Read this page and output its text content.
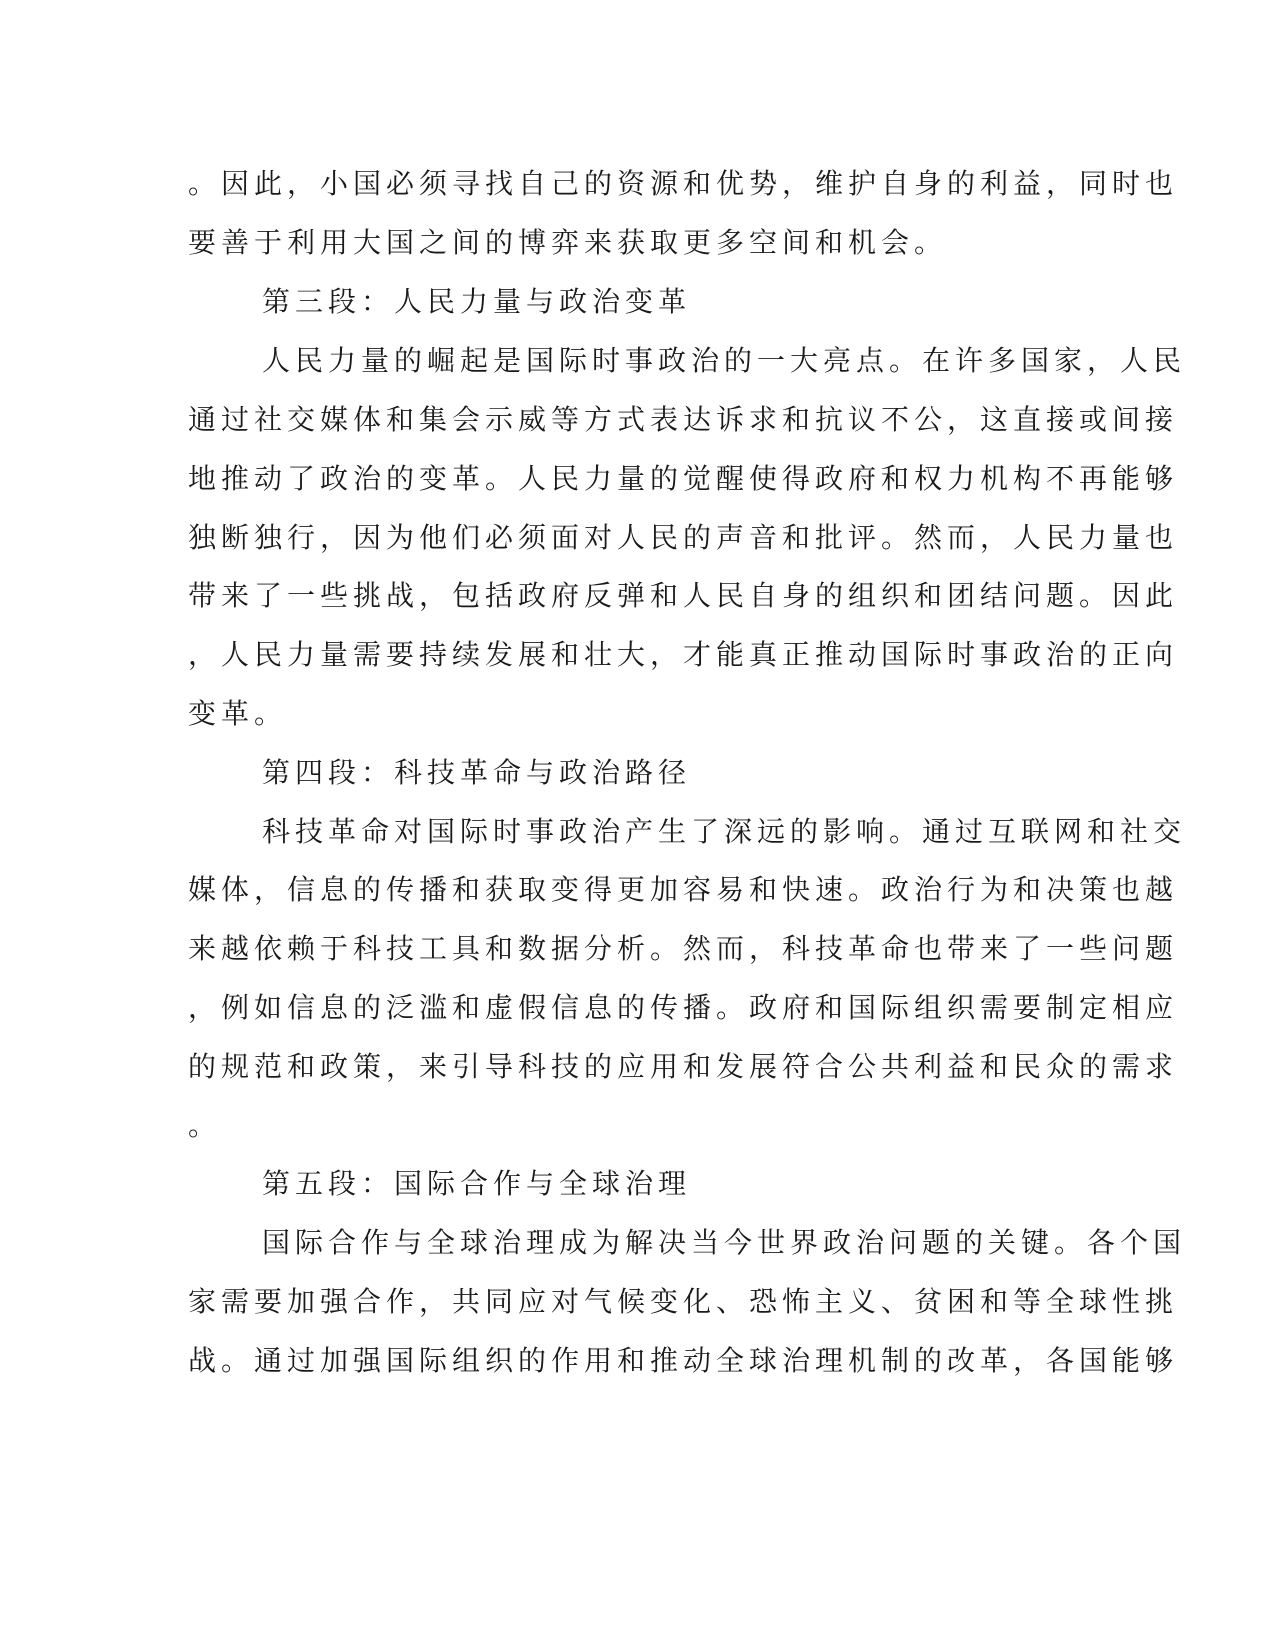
。因此，小国必须寻找自己的资源和优势，维护自身的利益，同时也
要善于利用大国之间的博弈来获取更多空间和机会。
第三段：人民力量与政治变革
人民力量的崛起是国际时事政治的一大亮点。在许多国家，人民
通过社交媒体和集会示威等方式表达诉求和抗议不公，这直接或间接
地推动了政治的变革。人民力量的觉醒使得政府和权力机构不再能够
独断独行，因为他们必须面对人民的声音和批评。然而，人民力量也
带来了一些挑战，包括政府反弹和人民自身的组织和团结问题。因此
，人民力量需要持续发展和壮大，才能真正推动国际时事政治的正向
变革。
第四段：科技革命与政治路径
科技革命对国际时事政治产生了深远的影响。通过互联网和社交
媒体，信息的传播和获取变得更加容易和快速。政治行为和决策也越
来越依赖于科技工具和数据分析。然而，科技革命也带来了一些问题
，例如信息的泛滥和虚假信息的传播。政府和国际组织需要制定相应
的规范和政策，来引导科技的应用和发展符合公共利益和民众的需求
。
第五段：国际合作与全球治理
国际合作与全球治理成为解决当今世界政治问题的关键。各个国
家需要加强合作，共同应对气候变化、恐怖主义、贫困和等全球性挑
战。通过加强国际组织的作用和推动全球治理机制的改革，各国能够
